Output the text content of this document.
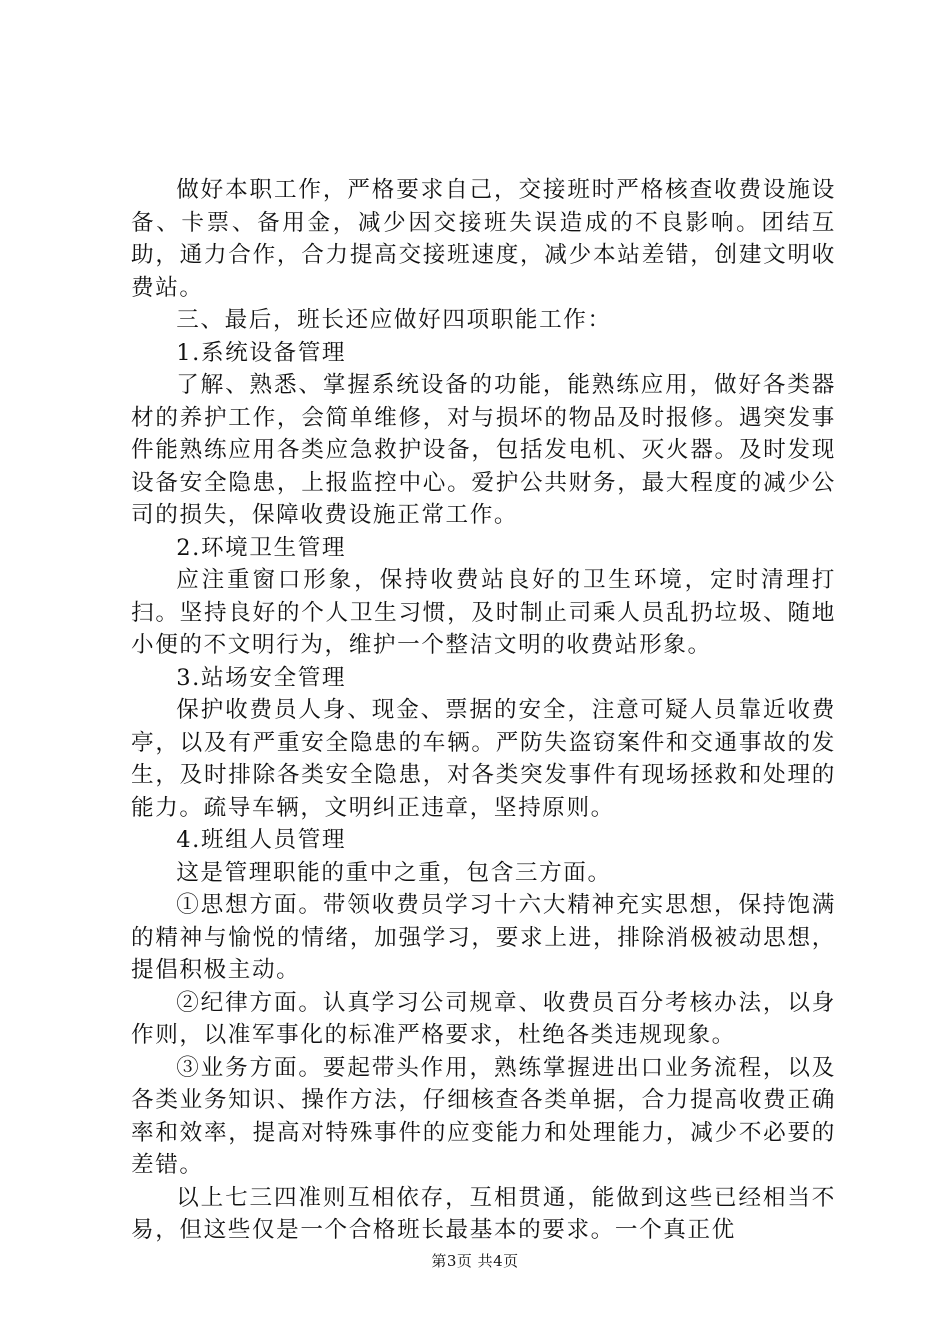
做好本职工作，严格要求自己，交接班时严格核查收费设施设备、卡票、备用金，减少因交接班失误造成的不良影响。团结互助，通力合作，合力提高交接班速度，减少本站差错，创建文明收费站。

三、最后，班长还应做好四项职能工作：

1.系统设备管理

了解、熟悉、掌握系统设备的功能，能熟练应用，做好各类器材的养护工作，会简单维修，对与损坏的物品及时报修。遇突发事件能熟练应用各类应急救护设备，包括发电机、灭火器。及时发现设备安全隐患，上报监控中心。爱护公共财务，最大程度的减少公司的损失，保障收费设施正常工作。

2.环境卫生管理

应注重窗口形象，保持收费站良好的卫生环境，定时清理打扫。坚持良好的个人卫生习惯，及时制止司乘人员乱扔垃圾、随地小便的不文明行为，维护一个整洁文明的收费站形象。

3.站场安全管理

保护收费员人身、现金、票据的安全，注意可疑人员靠近收费亭，以及有严重安全隐患的车辆。严防失盗窃案件和交通事故的发生，及时排除各类安全隐患，对各类突发事件有现场拯救和处理的能力。疏导车辆，文明纠正违章，坚持原则。

4.班组人员管理

这是管理职能的重中之重，包含三方面。

①思想方面。带领收费员学习十六大精神充实思想，保持饱满的精神与愉悦的情绪，加强学习，要求上进，排除消极被动思想，提倡积极主动。

②纪律方面。认真学习公司规章、收费员百分考核办法，以身作则，以准军事化的标准严格要求，杜绝各类违规现象。

③业务方面。要起带头作用，熟练掌握进出口业务流程，以及各类业务知识、操作方法，仔细核查各类单据，合力提高收费正确率和效率，提高对特殊事件的应变能力和处理能力，减少不必要的差错。

以上七三四准则互相依存，互相贯通，能做到这些已经相当不易，但这些仅是一个合格班长最基本的要求。一个真正优

第3页 共4页
